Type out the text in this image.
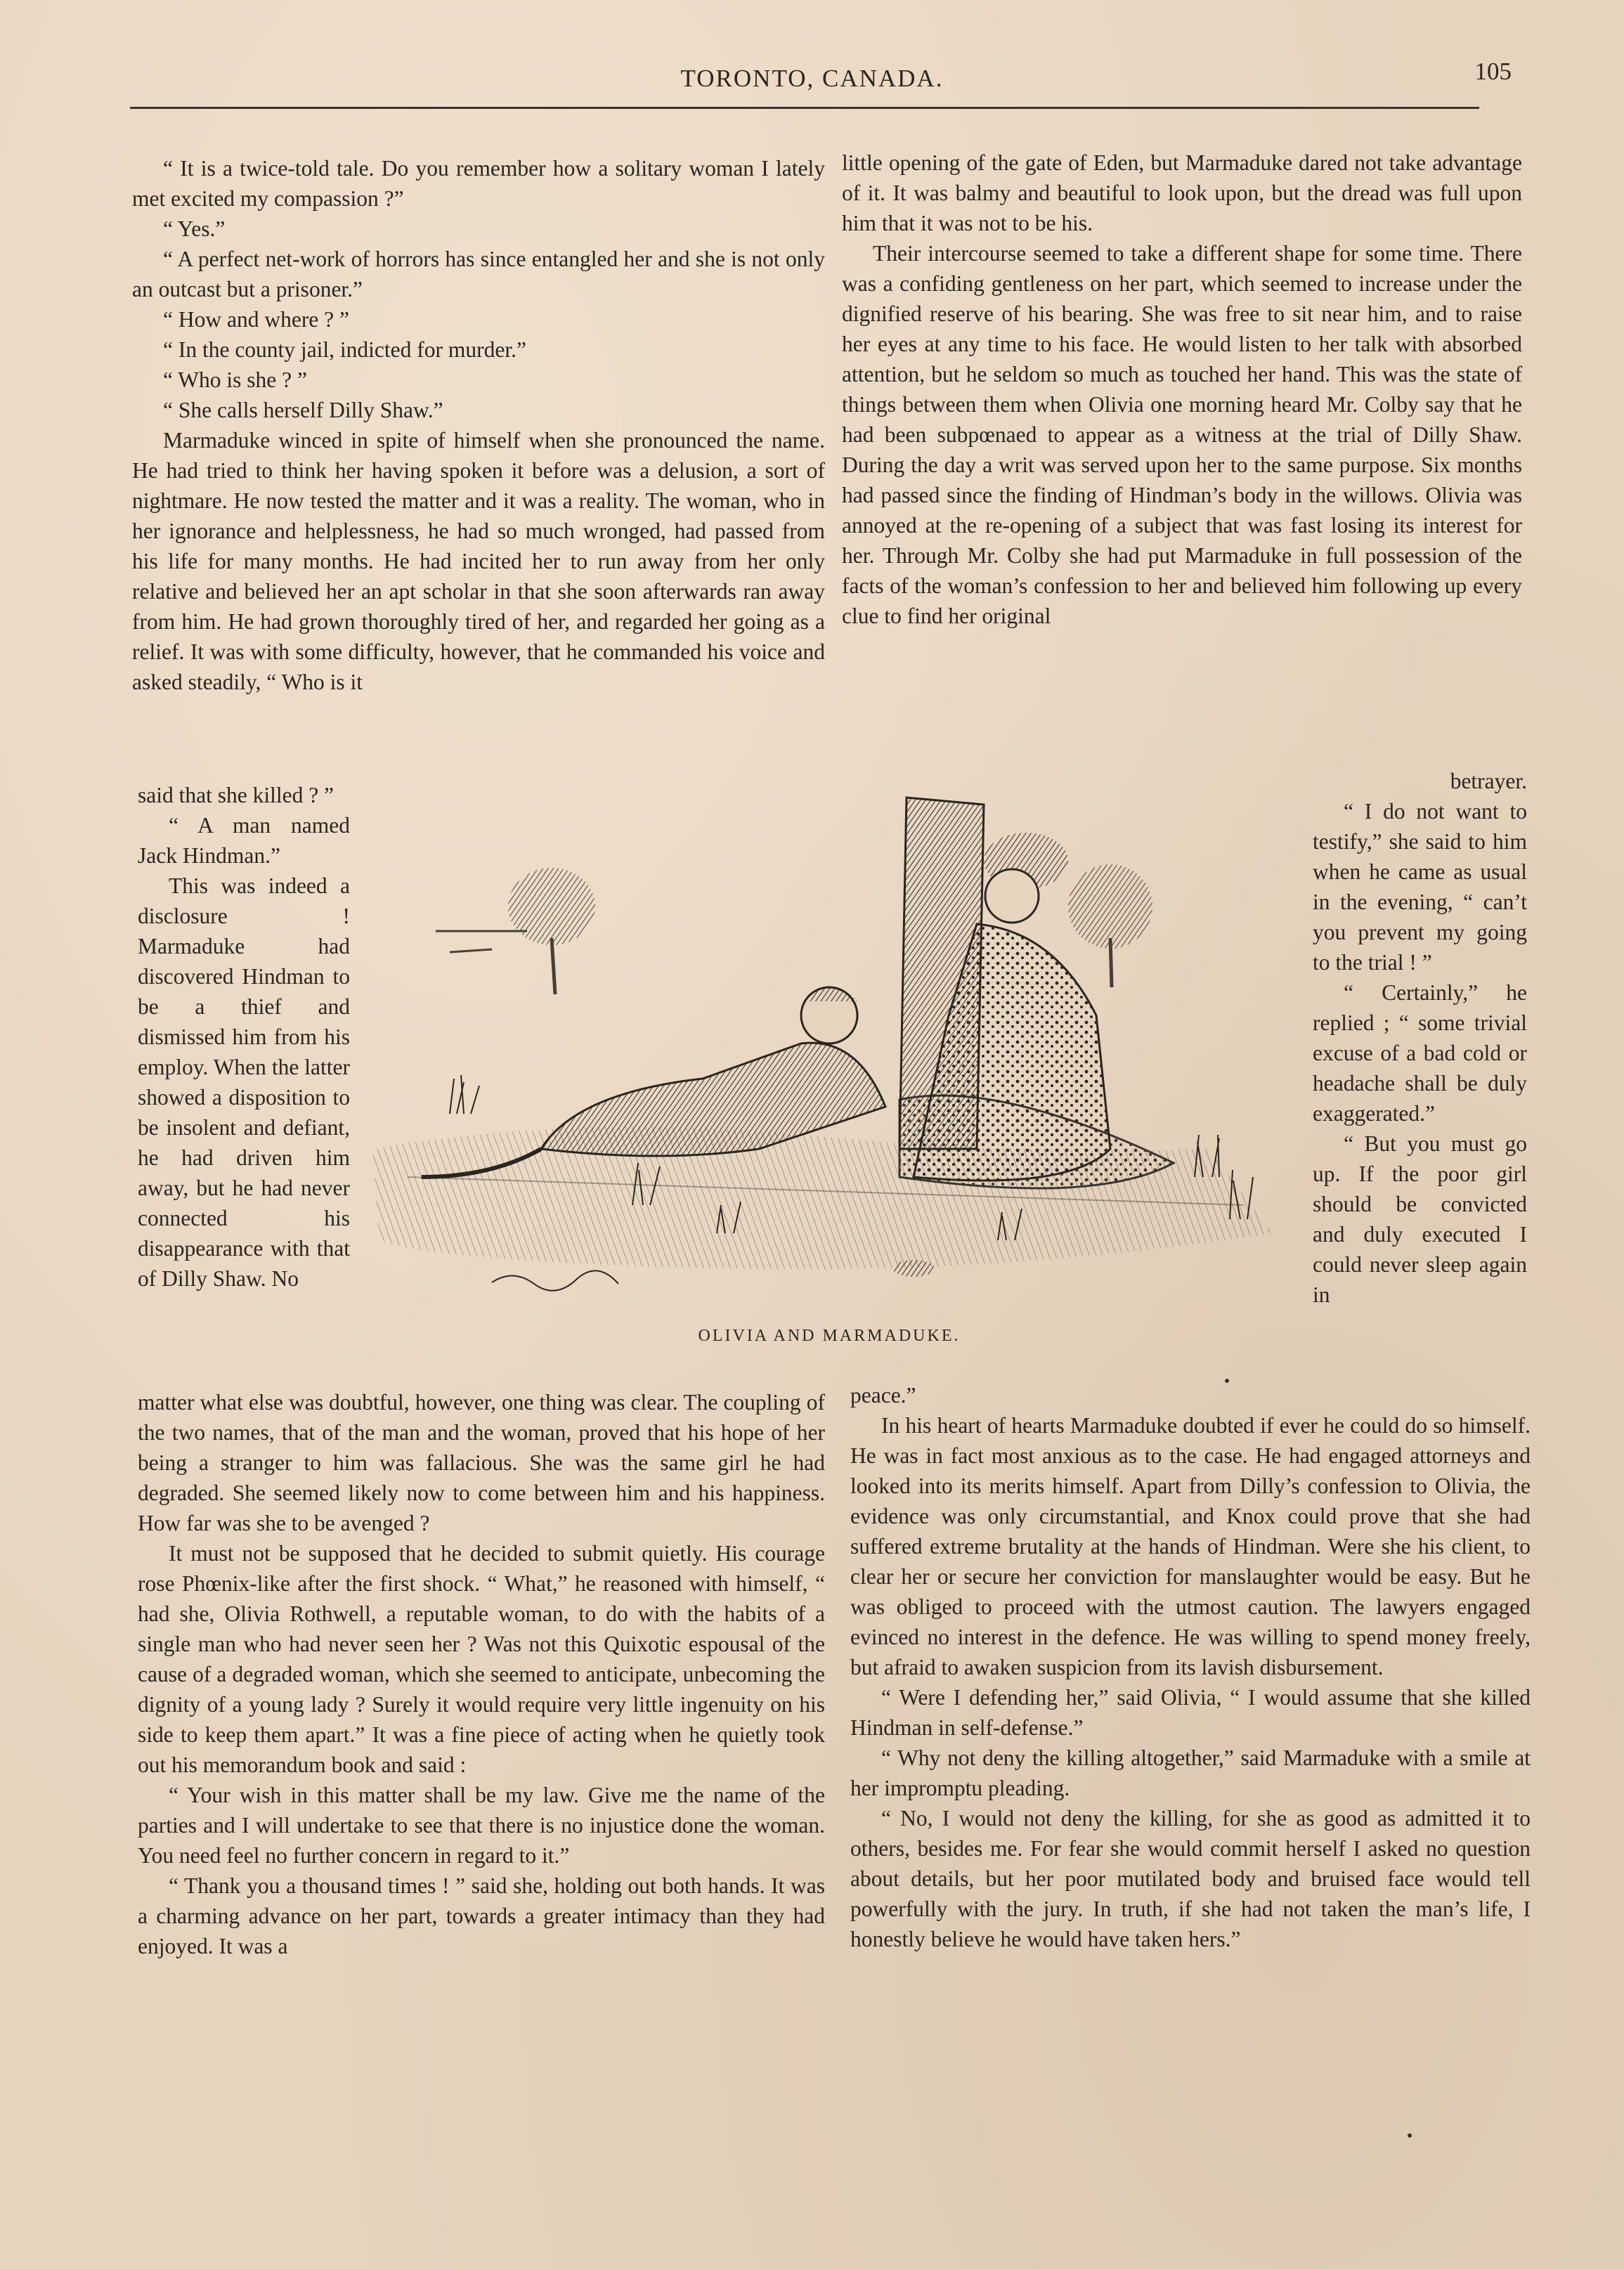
TORONTO, CANADA.	105

“ It is a twice-told tale. Do you remember how a solitary woman I lately met excited my compassion ?”

“ Yes.”

“ A perfect net-work of horrors has since entangled her and she is not only an outcast but a prisoner.”

“ How and where ? ”

“ In the county jail, indicted for murder.”

“ Who is she ? ”

“ She calls herself Dilly Shaw.”

Marmaduke winced in spite of himself when she pronounced the name. He had tried to think her having spoken it before was a delusion, a sort of nightmare. He now tested the matter and it was a reality. The woman, who in her ignorance and helplessness, he had so much wronged, had passed from his life for many months. He had incited her to run away from her only relative and believed her an apt scholar in that she soon afterwards ran away from him. He had grown thoroughly tired of her, and regarded her going as a relief. It was with some difficulty, however, that he commanded his voice and asked steadily, “ Who is it

said that she killed ? ”

“ A man named Jack Hindman.”

This was indeed a disclosure ! Marmaduke had discovered Hindman to be a thief and dismissed him from his employ. When the latter showed a disposition to be insolent and defiant, he had driven him away, but he had never connected his disappearance with that of Dilly Shaw. No

matter what else was doubtful, however, one thing was clear. The coupling of the two names, that of the man and the woman, proved that his hope of her being a stranger to him was fallacious. She was the same girl he had degraded. She seemed likely now to come between him and his happiness. How far was she to be avenged ?

It must not be supposed that he decided to submit quietly. His courage rose Phœnix-like after the first shock. “ What,” he reasoned with himself, “ had she, Olivia Rothwell, a reputable woman, to do with the habits of a single man who had never seen her ? Was not this Quixotic espousal of the cause of a degraded woman, which she seemed to anticipate, unbecoming the dignity of a young lady ? Surely it would require very little ingenuity on his side to keep them apart.” It was a fine piece of acting when he quietly took out his memorandum book and said :

“ Your wish in this matter shall be my law. Give me the name of the parties and I will undertake to see that there is no injustice done the woman. You need feel no further concern in regard to it.”

“ Thank you a thousand times ! ” said she, holding out both hands. It was a charming advance on her part, towards a greater intimacy than they had enjoyed. It was a

little opening of the gate of Eden, but Marmaduke dared not take advantage of it. It was balmy and beautiful to look upon, but the dread was full upon him that it was not to be his.

Their intercourse seemed to take a different shape for some time. There was a confiding gentleness on her part, which seemed to increase under the dignified reserve of his bearing. She was free to sit near him, and to raise her eyes at any time to his face. He would listen to her talk with absorbed attention, but he seldom so much as touched her hand. This was the state of things between them when Olivia one morning heard Mr. Colby say that he had been subpœnaed to appear as a witness at the trial of Dilly Shaw. During the day a writ was served upon her to the same purpose. Six months had passed since the finding of Hindman’s body in the willows. Olivia was annoyed at the re-opening of a subject that was fast losing its interest for her. Through Mr. Colby she had put Marmaduke in full possession of the facts of the woman’s confession to her and believed him following up every clue to find her original

betrayer.

“ I do not want to testify,” she said to him when he came as usual in the evening, “ can’t you prevent my going to the trial ! ”

“ Certainly,” he replied ; “ some trivial excuse of a bad cold or headache shall be duly exaggerated.”

“ But you must go up. If the poor girl should be convicted and duly executed I could never sleep again in

peace.”

In his heart of hearts Marmaduke doubted if ever he could do so himself. He was in fact most anxious as to the case. He had engaged attorneys and looked into its merits himself. Apart from Dilly’s confession to Olivia, the evidence was only circumstantial, and Knox could prove that she had suffered extreme brutality at the hands of Hindman. Were she his client, to clear her or secure her conviction for manslaughter would be easy. But he was obliged to proceed with the utmost caution. The lawyers engaged evinced no interest in the defence. He was willing to spend money freely, but afraid to awaken suspicion from its lavish disbursement.

“ Were I defending her,” said Olivia, “ I would assume that she killed Hindman in self-defense.”

“ Why not deny the killing altogether,” said Marmaduke with a smile at her impromptu pleading.

“ No, I would not deny the killing, for she as good as admitted it to others, besides me. For fear she would commit herself I asked no question about details, but her poor mutilated body and bruised face would tell powerfully with the jury. In truth, if she had not taken the man’s life, I honestly believe he would have taken hers.”

OLIVIA AND MARMADUKE.
